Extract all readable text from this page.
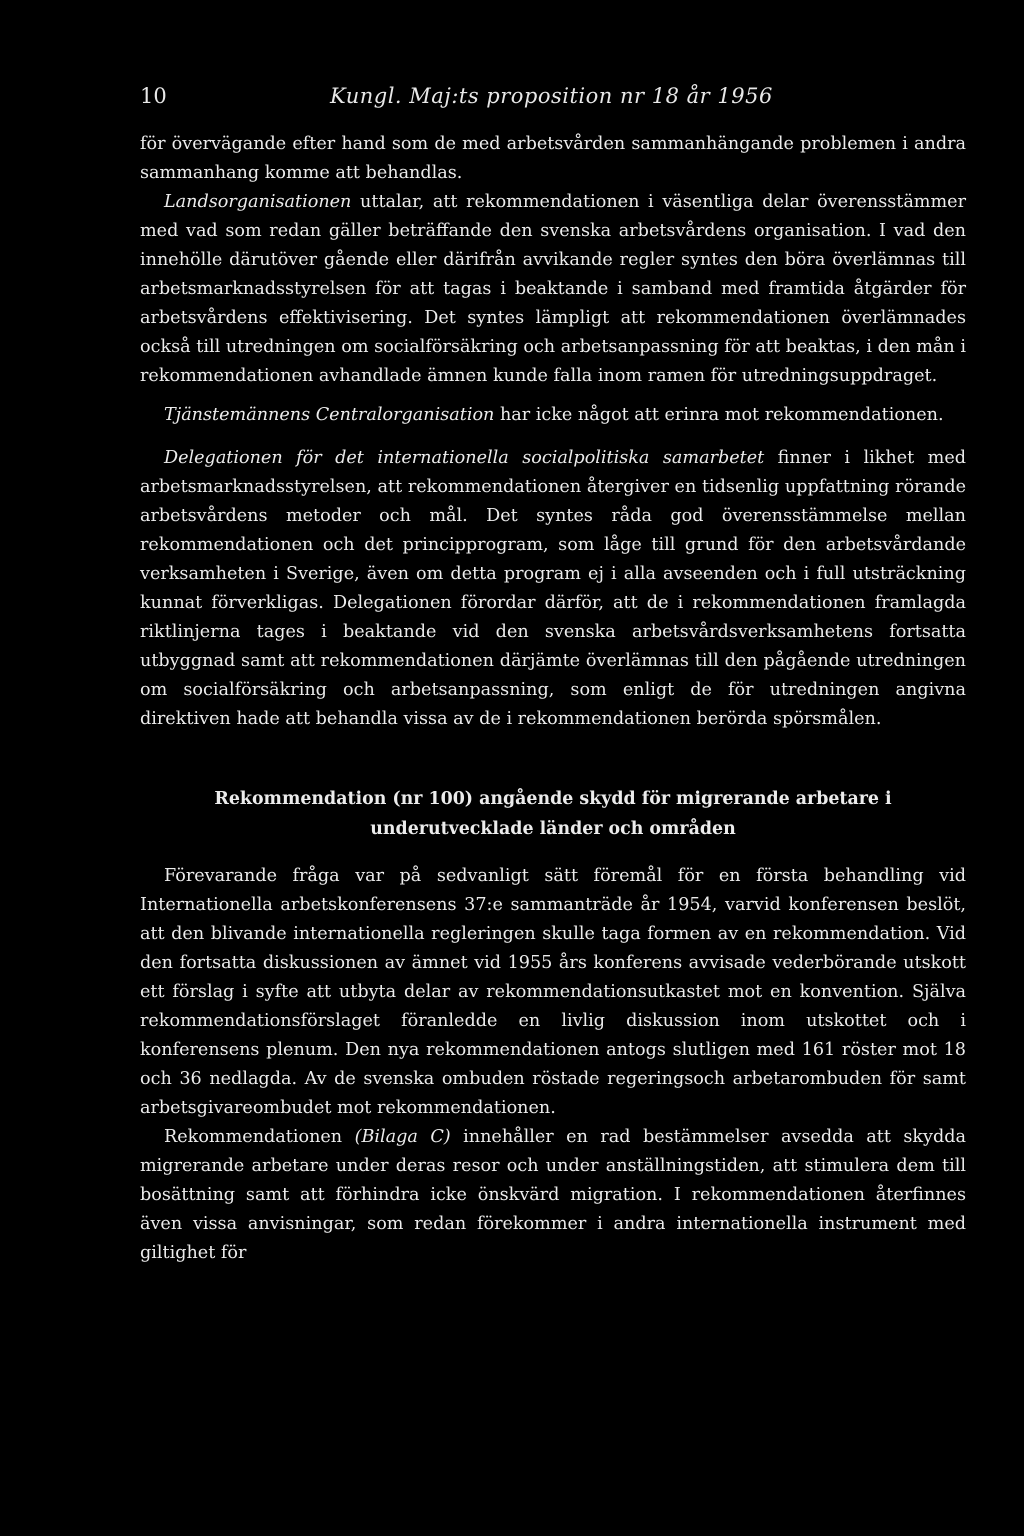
10	Kungl. Maj:ts proposition nr 18 år 1956

för övervägande efter hand som de med arbetsvården sammanhängande problemen i andra sammanhang komme att behandlas.

Landsorganisationen uttalar, att rekommendationen i väsentliga delar överensstämmer med vad som redan gäller beträffande den svenska arbetsvårdens organisation. I vad den innehölle därutöver gående eller därifrån avvikande regler syntes den böra överlämnas till arbetsmarknadsstyrelsen för att tagas i beaktande i samband med framtida åtgärder för arbetsvårdens effektivisering. Det syntes lämpligt att rekommendationen överlämnades också till utredningen om socialförsäkring och arbetsanpassning för att beaktas, i den mån i rekommendationen avhandlade ämnen kunde falla inom ramen för utredningsuppdraget.

Tjänstemännens Centralorganisation har icke något att erinra mot rekommendationen.

Delegationen för det internationella socialpolitiska samarbetet finner i likhet med arbetsmarknadsstyrelsen, att rekommendationen återgiver en tidsenlig uppfattning rörande arbetsvårdens metoder och mål. Det syntes råda god överensstämmelse mellan rekommendationen och det principprogram, som låge till grund för den arbetsvårdande verksamheten i Sverige, även om detta program ej i alla avseenden och i full utsträckning kunnat förverkligas. Delegationen förordar därför, att de i rekommendationen framlagda riktlinjerna tages i beaktande vid den svenska arbetsvårdsverksamhetens fortsatta utbyggnad samt att rekommendationen därjämte överlämnas till den pågående utredningen om socialförsäkring och arbetsanpassning, som enligt de för utredningen angivna direktiven hade att behandla vissa av de i rekommendationen berörda spörsmålen.

Rekommendation (nr 100) angående skydd för migrerande arbetare i
underutvecklade länder och områden

Förevarande fråga var på sedvanligt sätt föremål för en första behandling vid Internationella arbetskonferensens 37:e sammanträde år 1954, varvid konferensen beslöt, att den blivande internationella regleringen skulle taga formen av en rekommendation. Vid den fortsatta diskussionen av ämnet vid 1955 års konferens avvisade vederbörande utskott ett förslag i syfte att utbyta delar av rekommendationsutkastet mot en konvention. Själva rekommendationsförslaget föranledde en livlig diskussion inom utskottet och i konferensens plenum. Den nya rekommendationen antogs slutligen med 161 röster mot 18 och 36 nedlagda. Av de svenska ombuden röstade regeringsoch arbetarombuden för samt arbetsgivareombudet mot rekommendationen.

Rekommendationen (Bilaga C) innehåller en rad bestämmelser avsedda att skydda migrerande arbetare under deras resor och under anställningstiden, att stimulera dem till bosättning samt att förhindra icke önskvärd migration. I rekommendationen återfinnes även vissa anvisningar, som redan förekommer i andra internationella instrument med giltighet för
